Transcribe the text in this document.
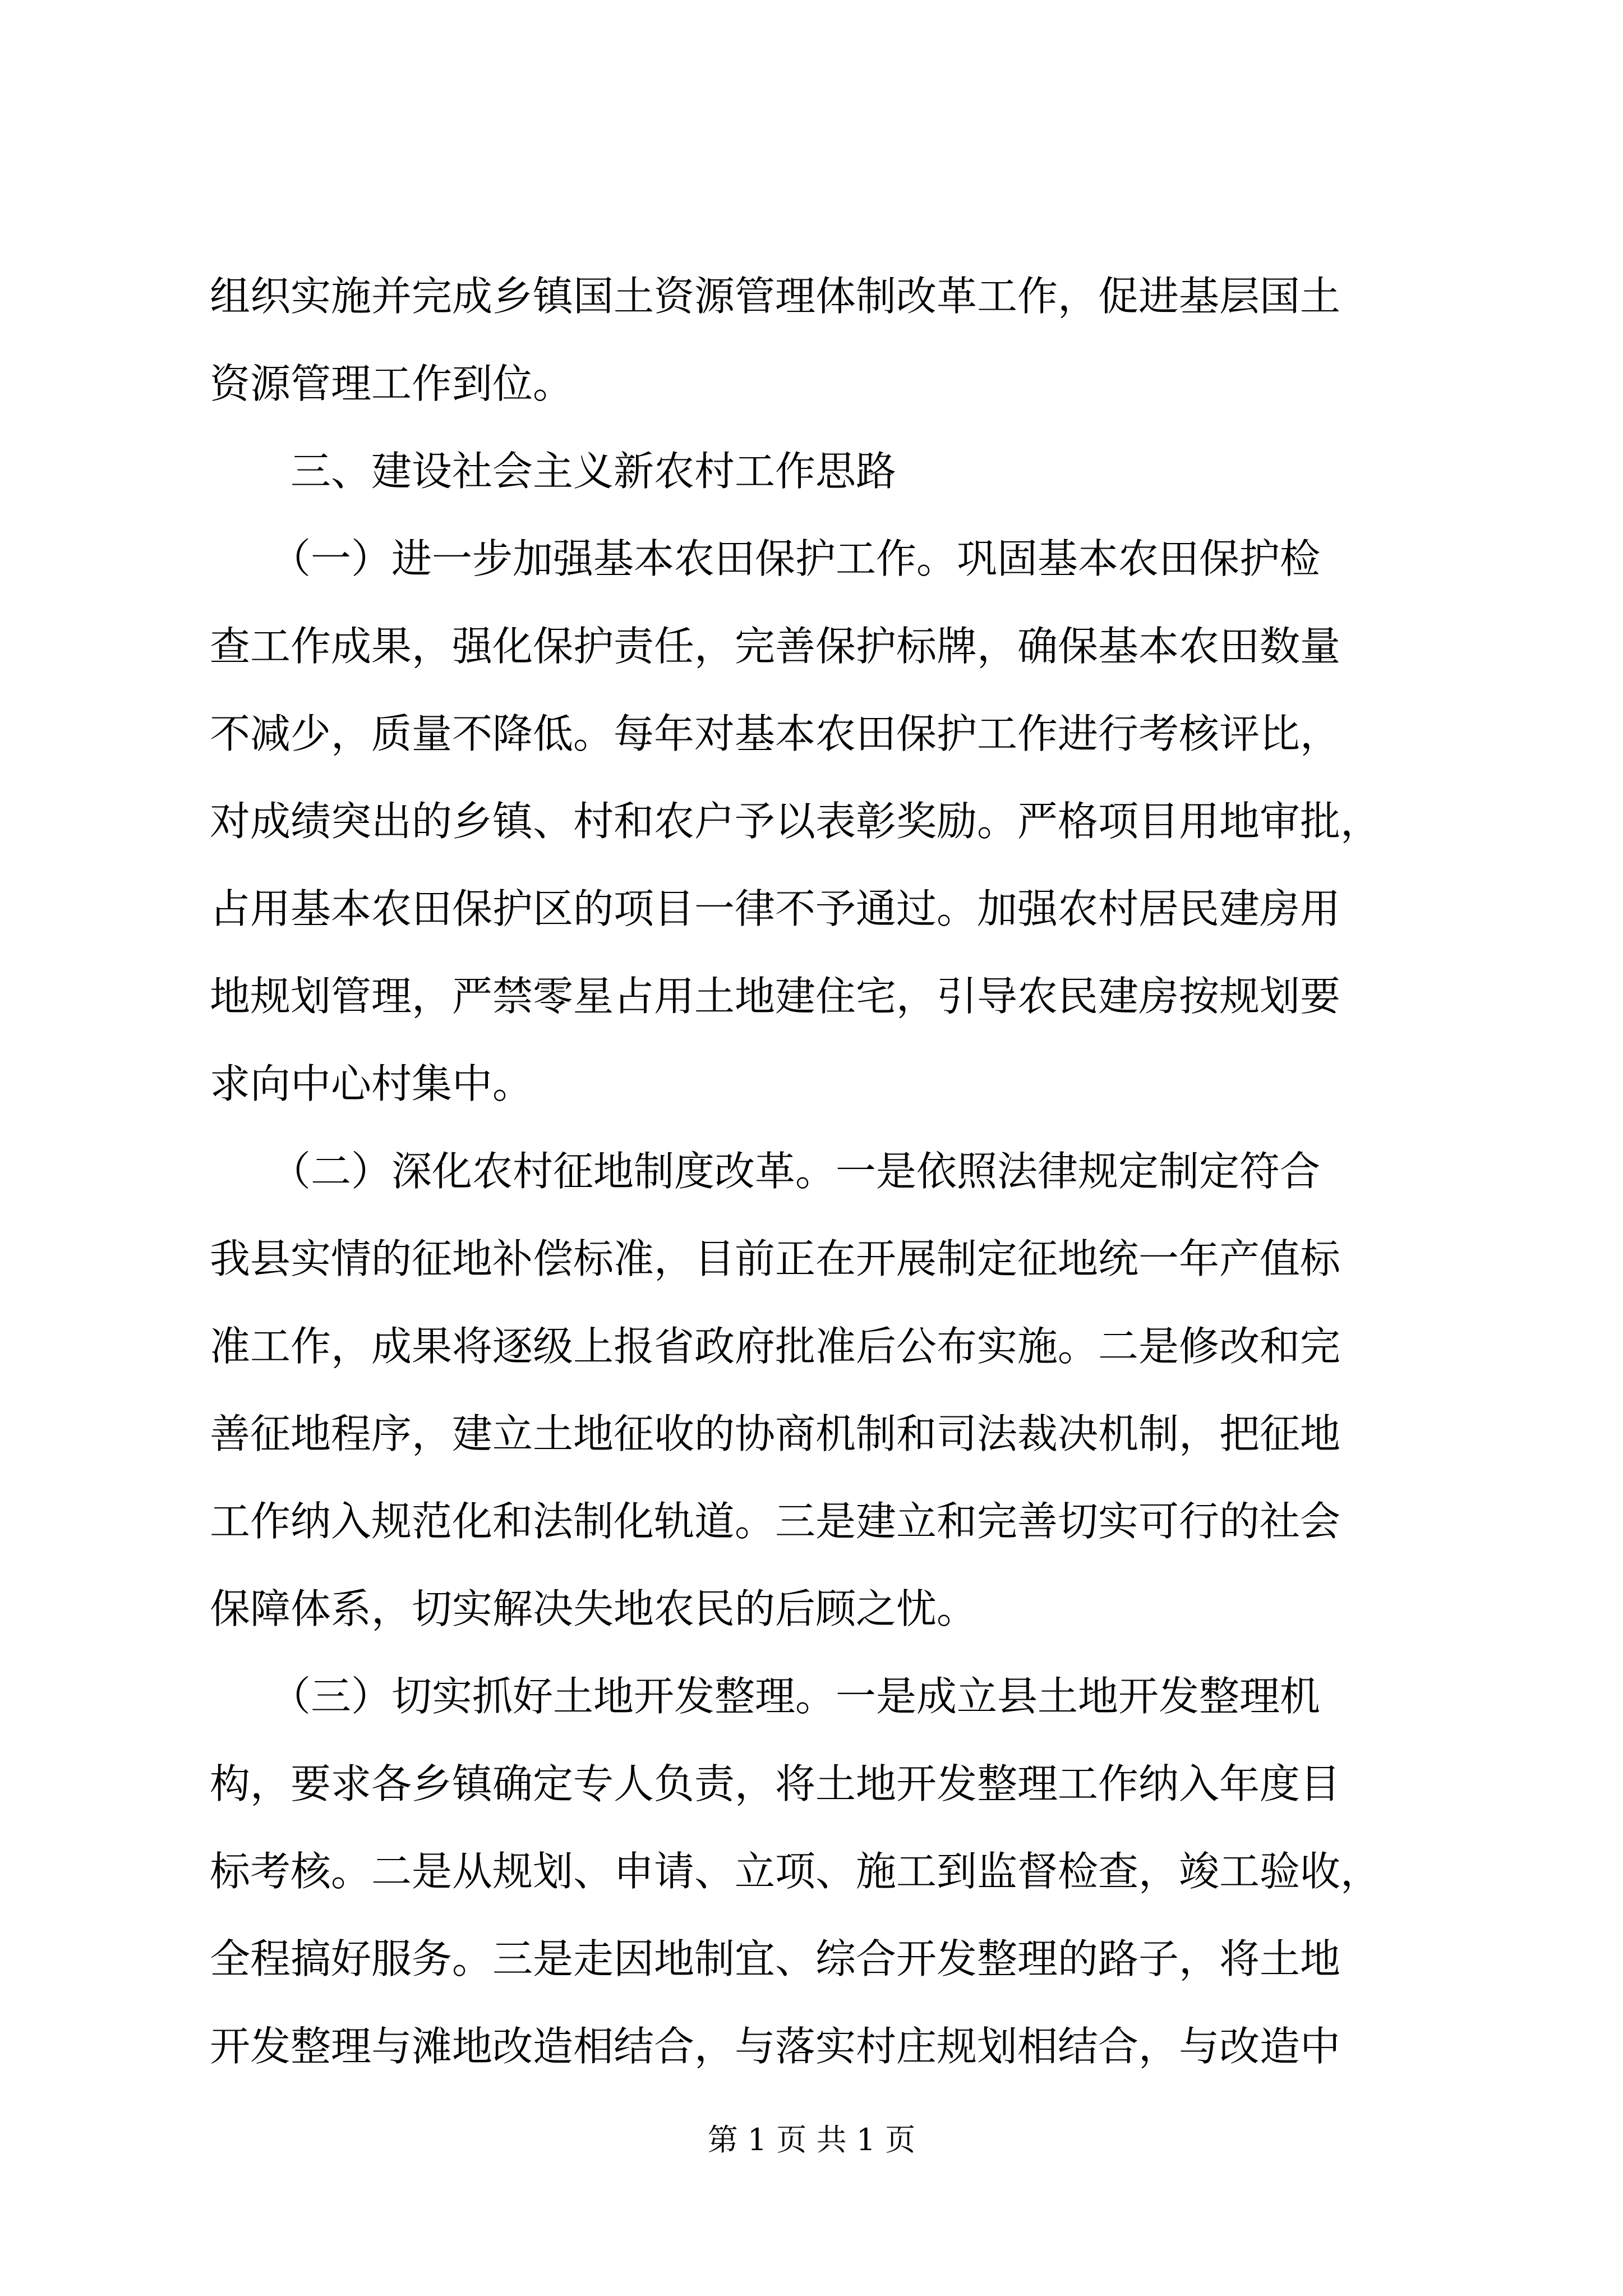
组织实施并完成乡镇国土资源管理体制改革工作，促进基层国土
资源管理工作到位。
　　三、建设社会主义新农村工作思路
　　（一）进一步加强基本农田保护工作。巩固基本农田保护检
查工作成果，强化保护责任，完善保护标牌，确保基本农田数量
不减少，质量不降低。每年对基本农田保护工作进行考核评比，
对成绩突出的乡镇、村和农户予以表彰奖励。严格项目用地审批，
占用基本农田保护区的项目一律不予通过。加强农村居民建房用
地规划管理，严禁零星占用土地建住宅，引导农民建房按规划要
求向中心村集中。
　　（二）深化农村征地制度改革。一是依照法律规定制定符合
我县实情的征地补偿标准，目前正在开展制定征地统一年产值标
准工作，成果将逐级上报省政府批准后公布实施。二是修改和完
善征地程序，建立土地征收的协商机制和司法裁决机制，把征地
工作纳入规范化和法制化轨道。三是建立和完善切实可行的社会
保障体系，切实解决失地农民的后顾之忧。
　　（三）切实抓好土地开发整理。一是成立县土地开发整理机
构，要求各乡镇确定专人负责，将土地开发整理工作纳入年度目
标考核。二是从规划、申请、立项、施工到监督检查，竣工验收，
全程搞好服务。三是走因地制宜、综合开发整理的路子，将土地
开发整理与滩地改造相结合，与落实村庄规划相结合，与改造中
第 1 页 共 1 页
